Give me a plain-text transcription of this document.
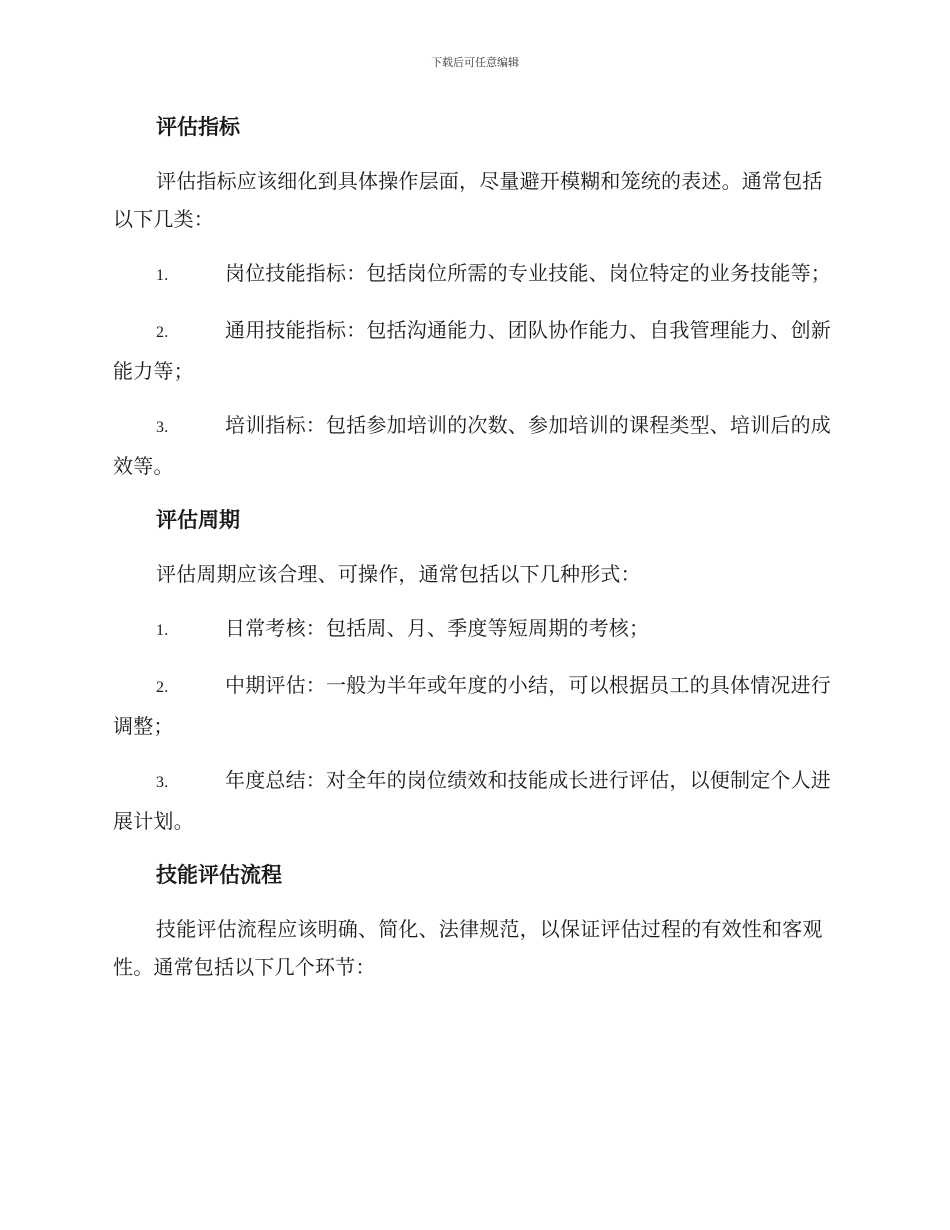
下载后可任意编辑
评估指标
评估指标应该细化到具体操作层面，尽量避开模糊和笼统的表述。通常包括以下几类：
1.	岗位技能指标：包括岗位所需的专业技能、岗位特定的业务技能等；
2.	通用技能指标：包括沟通能力、团队协作能力、自我管理能力、创新能力等；
3.	培训指标：包括参加培训的次数、参加培训的课程类型、培训后的成效等。
评估周期
评估周期应该合理、可操作，通常包括以下几种形式：
1.	日常考核：包括周、月、季度等短周期的考核；
2.	中期评估：一般为半年或年度的小结，可以根据员工的具体情况进行调整；
3.	年度总结：对全年的岗位绩效和技能成长进行评估，以便制定个人进展计划。
技能评估流程
技能评估流程应该明确、简化、法律规范，以保证评估过程的有效性和客观性。通常包括以下几个环节：
